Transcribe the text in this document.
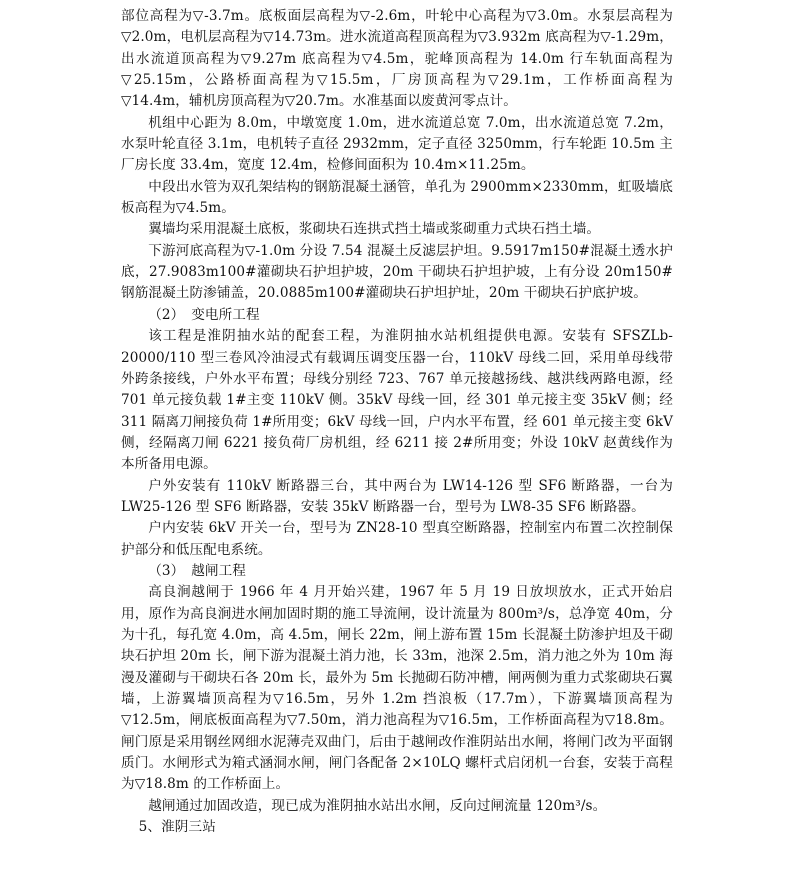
部位高程为▽-3.7m。底板面层高程为▽-2.6m，叶轮中心高程为▽3.0m。水泵层高程为▽2.0m，电机层高程为▽14.73m。进水流道高程顶高程为▽3.932m 底高程为▽-1.29m，出水流道顶高程为▽9.27m 底高程为▽4.5m，驼峰顶高程为 14.0m 行车轨面高程为▽25.15m，公路桥面高程为▽15.5m，厂房顶高程为▽29.1m，工作桥面高程为▽14.4m，辅机房顶高程为▽20.7m。水准基面以废黄河零点计。

机组中心距为 8.0m，中墩宽度 1.0m，进水流道总宽 7.0m，出水流道总宽 7.2m，水泵叶轮直径 3.1m，电机转子直径 2932mm，定子直径 3250mm，行车轮距 10.5m 主厂房长度 33.4m，宽度 12.4m，检修间面积为 10.4m×11.25m。

中段出水管为双孔架结构的钢筋混凝土涵管，单孔为 2900mm×2330mm，虹吸墙底板高程为▽4.5m。

翼墙均采用混凝土底板，浆砌块石连拱式挡土墙或浆砌重力式块石挡土墙。

下游河底高程为▽-1.0m 分设 7.54 混凝土反滤层护坦。9.5917m150#混凝土透水护底，27.9083m100#灌砌块石护坦护坡，20m 干砌块石护坦护坡，上有分设 20m150#钢筋混凝土防渗铺盖，20.0885m100#灌砌块石护坦护址，20m 干砌块石护底护坡。

（2）　变电所工程

该工程是淮阴抽水站的配套工程，为淮阴抽水站机组提供电源。安装有 SFSZLb-20000/110 型三卷风冷油浸式有载调压调变压器一台，110kV 母线二回，采用单母线带外跨条接线，户外水平布置；母线分别经 723、767 单元接越扬线、越洪线两路电源，经 701 单元接负载 1#主变 110kV 侧。35kV 母线一回，经 301 单元接主变 35kV 侧；经 311 隔离刀闸接负荷 1#所用变；6kV 母线一回，户内水平布置，经 601 单元接主变 6kV 侧，经隔离刀闸 6221 接负荷厂房机组，经 6211 接 2#所用变；外设 10kV 赵黄线作为本所备用电源。

户外安装有 110kV 断路器三台，其中两台为 LW14-126 型 SF6 断路器，一台为 LW25-126 型 SF6 断路器，安装 35kV 断路器一台，型号为 LW8-35 SF6 断路器。

户内安装 6kV 开关一台，型号为 ZN28-10 型真空断路器，控制室内布置二次控制保护部分和低压配电系统。

（3）　越闸工程

高良涧越闸于 1966 年 4 月开始兴建，1967 年 5 月 19 日放坝放水，正式开始启用，原作为高良涧进水闸加固时期的施工导流闸，设计流量为 800m³/s，总净宽 40m，分为十孔，每孔宽 4.0m，高 4.5m，闸长 22m，闸上游布置 15m 长混凝土防渗护坦及干砌块石护坦 20m 长，闸下游为混凝土消力池，长 33m，池深 2.5m，消力池之外为 10m 海漫及灌砌与干砌块石各 20m 长，最外为 5m 长抛砌石防冲槽，闸两侧为重力式浆砌块石翼墙，上游翼墙顶高程为▽16.5m，另外 1.2m 挡浪板（17.7m），下游翼墙顶高程为▽12.5m，闸底板面高程为▽7.50m，消力池高程为▽16.5m，工作桥面高程为▽18.8m。闸门原是采用钢丝网细水泥薄壳双曲门，后由于越闸改作淮阴站出水闸，将闸门改为平面钢质门。水闸形式为箱式涵洞水闸，闸门各配备 2×10LQ 螺杆式启闭机一台套，安装于高程为▽18.8m 的工作桥面上。

越闸通过加固改造，现已成为淮阴抽水站出水闸，反向过闸流量 120m³/s。

5、淮阴三站
